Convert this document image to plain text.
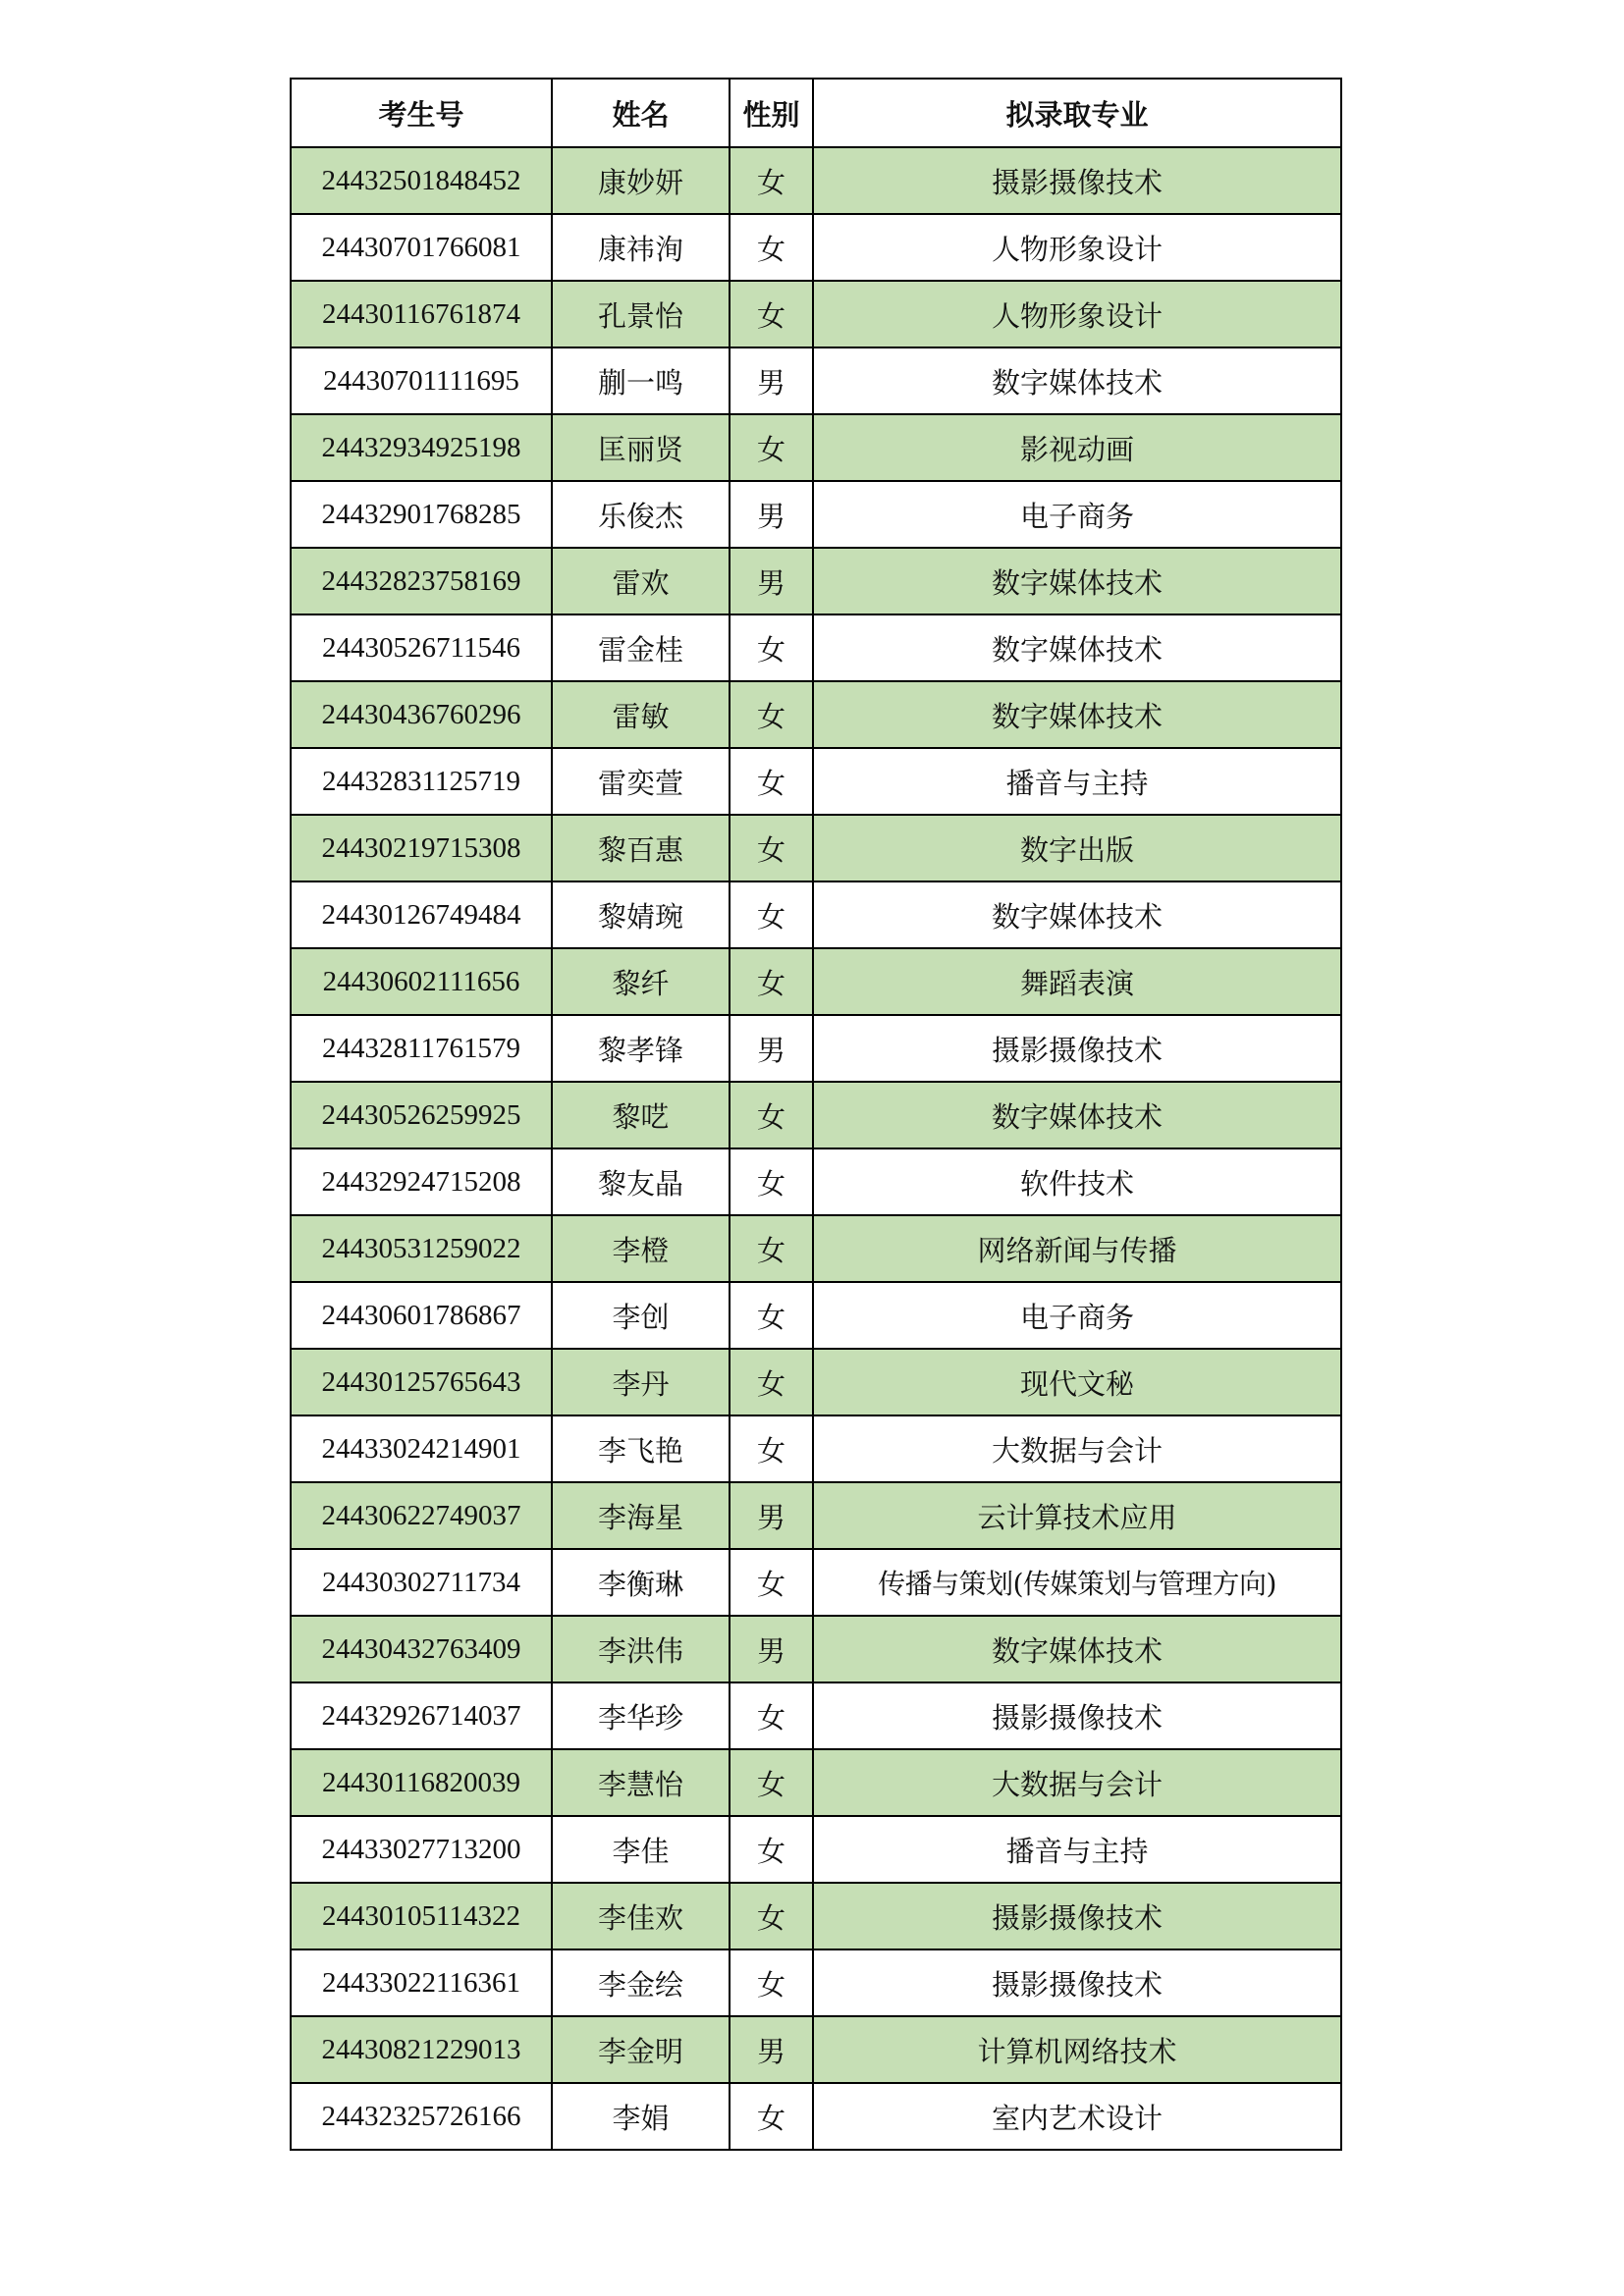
考生号	姓名	性别	拟录取专业
24432501848452	康妙妍	女	摄影摄像技术
24430701766081	康祎洵	女	人物形象设计
24430116761874	孔景怡	女	人物形象设计
24430701111695	蒯一鸣	男	数字媒体技术
24432934925198	匡丽贤	女	影视动画
24432901768285	乐俊杰	男	电子商务
24432823758169	雷欢	男	数字媒体技术
24430526711546	雷金桂	女	数字媒体技术
24430436760296	雷敏	女	数字媒体技术
24432831125719	雷奕萱	女	播音与主持
24430219715308	黎百惠	女	数字出版
24430126749484	黎婧琬	女	数字媒体技术
24430602111656	黎纤	女	舞蹈表演
24432811761579	黎孝锋	男	摄影摄像技术
24430526259925	黎呓	女	数字媒体技术
24432924715208	黎友晶	女	软件技术
24430531259022	李橙	女	网络新闻与传播
24430601786867	李创	女	电子商务
24430125765643	李丹	女	现代文秘
24433024214901	李飞艳	女	大数据与会计
24430622749037	李海星	男	云计算技术应用
24430302711734	李衡琳	女	传播与策划(传媒策划与管理方向)
24430432763409	李洪伟	男	数字媒体技术
24432926714037	李华珍	女	摄影摄像技术
24430116820039	李慧怡	女	大数据与会计
24433027713200	李佳	女	播音与主持
24430105114322	李佳欢	女	摄影摄像技术
24433022116361	李金绘	女	摄影摄像技术
24430821229013	李金明	男	计算机网络技术
24432325726166	李娟	女	室内艺术设计
